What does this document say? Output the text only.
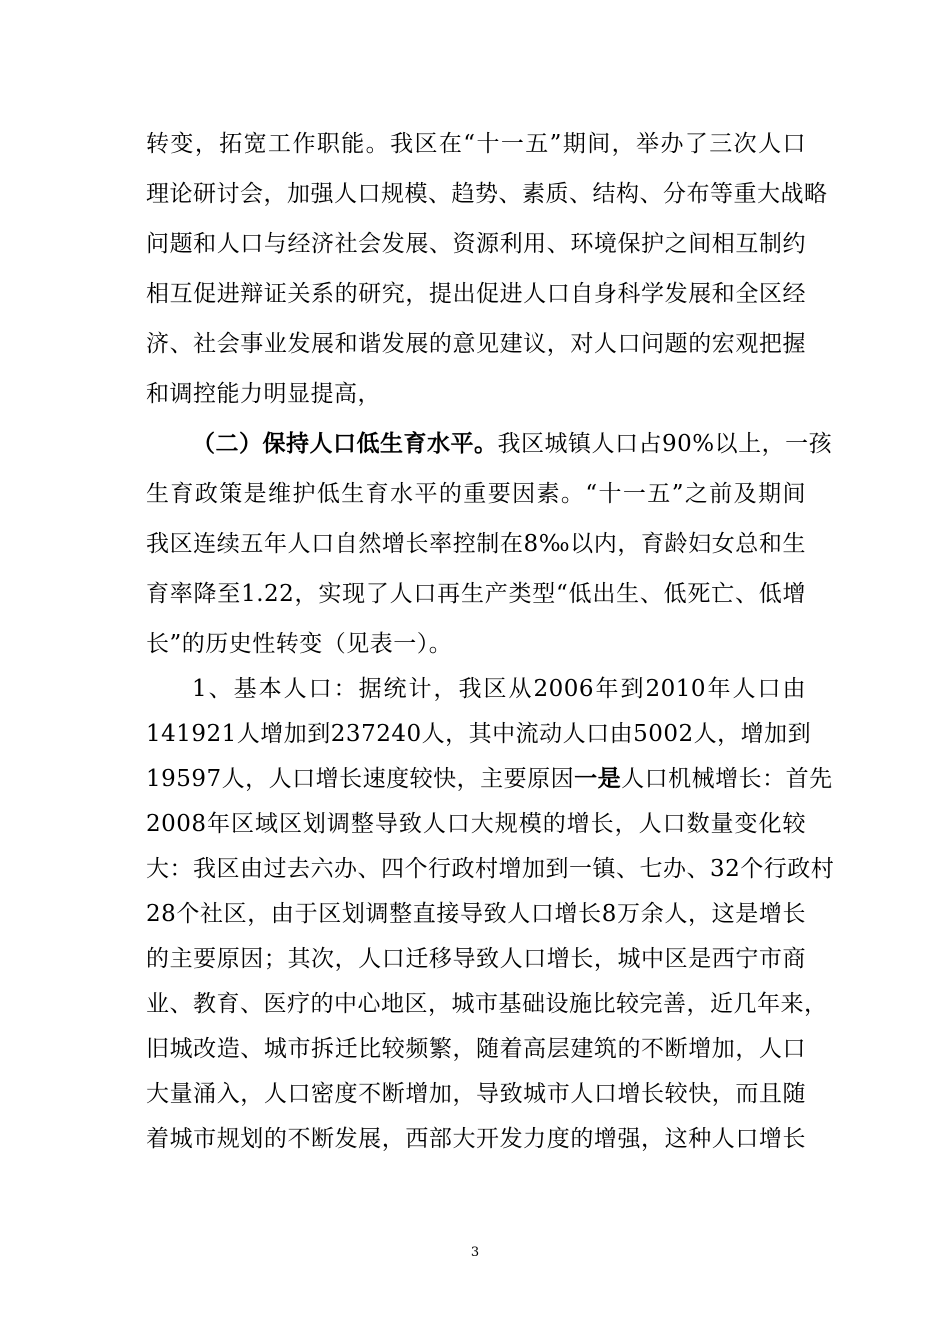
转变，拓宽工作职能。我区在“十一五”期间，举办了三次人口
理论研讨会，加强人口规模、趋势、素质、结构、分布等重大战略
问题和人口与经济社会发展、资源利用、环境保护之间相互制约
相互促进辩证关系的研究，提出促进人口自身科学发展和全区经
济、社会事业发展和谐发展的意见建议，对人口问题的宏观把握
和调控能力明显提高，
（二）保持人口低生育水平。我区城镇人口占90%以上，一孩
生育政策是维护低生育水平的重要因素。“十一五”之前及期间
我区连续五年人口自然增长率控制在8‰以内，育龄妇女总和生
育率降至1.22，实现了人口再生产类型“低出生、低死亡、低增
长”的历史性转变（见表一）。
1、基本人口：据统计，我区从2006年到2010年人口由
141921人增加到237240人，其中流动人口由5002人，增加到
19597人，人口增长速度较快，主要原因一是人口机械增长：首先
2008年区域区划调整导致人口大规模的增长，人口数量变化较
大：我区由过去六办、四个行政村增加到一镇、七办、32个行政村
28个社区，由于区划调整直接导致人口增长8万余人，这是增长
的主要原因；其次，人口迁移导致人口增长，城中区是西宁市商
业、教育、医疗的中心地区，城市基础设施比较完善，近几年来，
旧城改造、城市拆迁比较频繁，随着高层建筑的不断增加，人口
大量涌入，人口密度不断增加，导致城市人口增长较快，而且随
着城市规划的不断发展，西部大开发力度的增强，这种人口增长
3
